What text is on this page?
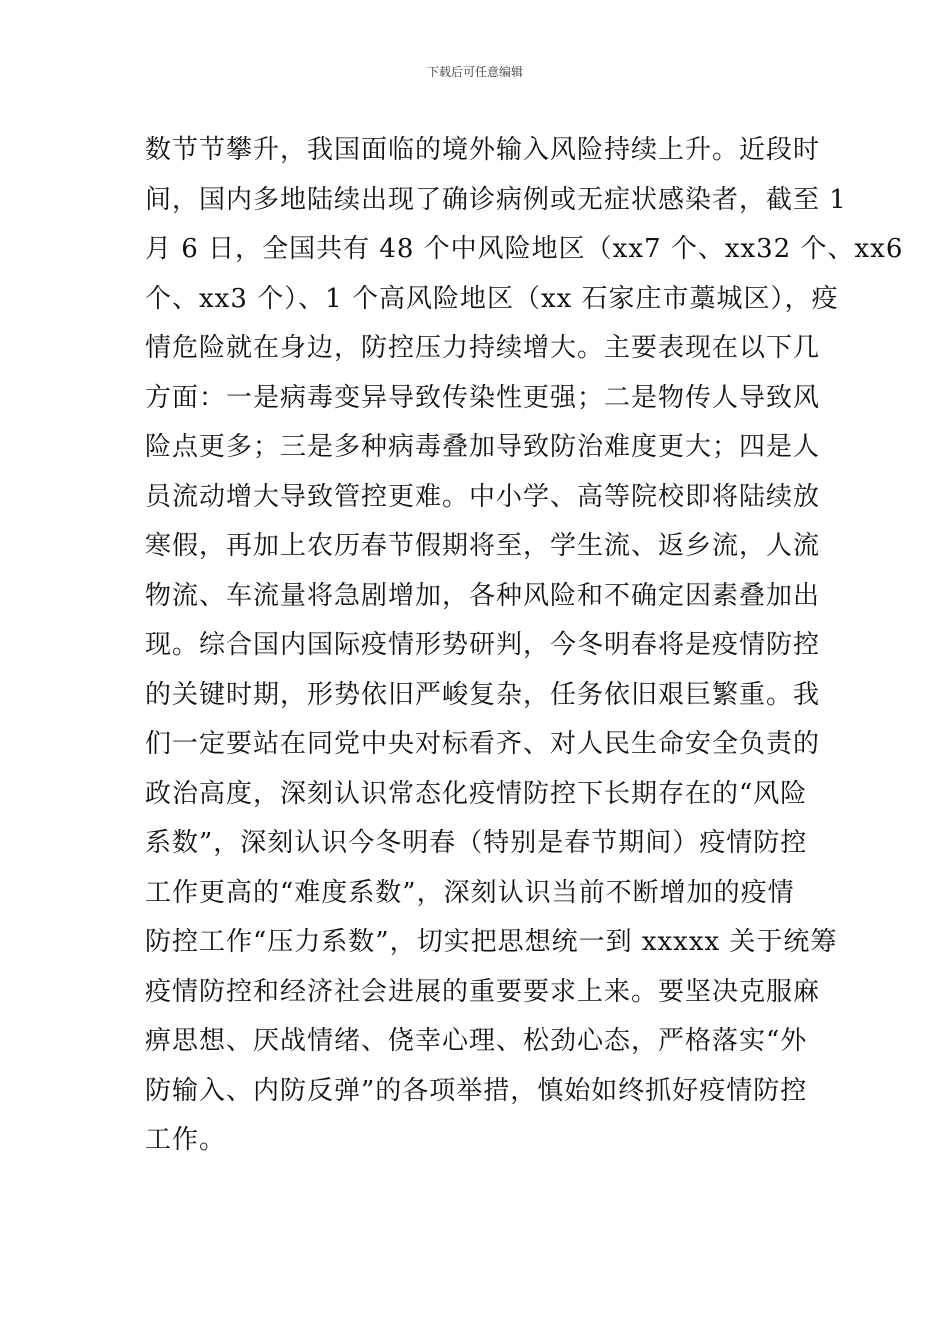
下载后可任意编辑
数节节攀升，我国面临的境外输入风险持续上升。近段时
间，国内多地陆续出现了确诊病例或无症状感染者，截至 1
月 6 日，全国共有 48 个中风险地区（xx7 个、xx32 个、xx6
个、xx3 个）、1 个高风险地区（xx 石家庄市藁城区），疫
情危险就在身边，防控压力持续增大。主要表现在以下几
方面：一是病毒变异导致传染性更强；二是物传人导致风
险点更多；三是多种病毒叠加导致防治难度更大；四是人
员流动增大导致管控更难。中小学、高等院校即将陆续放
寒假，再加上农历春节假期将至，学生流、返乡流，人流
物流、车流量将急剧增加，各种风险和不确定因素叠加出
现。综合国内国际疫情形势研判，今冬明春将是疫情防控
的关键时期，形势依旧严峻复杂，任务依旧艰巨繁重。我
们一定要站在同党中央对标看齐、对人民生命安全负责的
政治高度，深刻认识常态化疫情防控下长期存在的“风险
系数”，深刻认识今冬明春（特别是春节期间）疫情防控
工作更高的“难度系数”，深刻认识当前不断增加的疫情
防控工作“压力系数”，切实把思想统一到 xxxxx 关于统筹
疫情防控和经济社会进展的重要要求上来。要坚决克服麻
痹思想、厌战情绪、侥幸心理、松劲心态，严格落实“外
防输入、内防反弹”的各项举措，慎始如终抓好疫情防控
工作。
